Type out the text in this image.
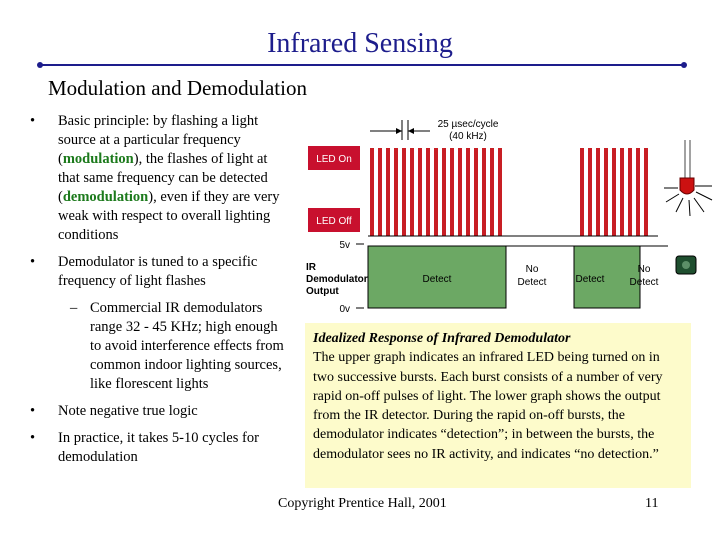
Infrared Sensing
Modulation and Demodulation
• Basic principle: by flashing a light source at a particular frequency (modulation), the flashes of light at that same frequency can be detected (demodulation), even if they are very weak with respect to overall lighting conditions
• Demodulator is tuned to a specific frequency of light flashes
– Commercial IR demodulators range 32 - 45 KHz; high enough to avoid interference effects from common indoor lighting sources, like florescent lights
• Note negative true logic
• In practice, it takes 5-10 cycles for demodulation
25 µsec/cycle
(40 kHz)
LED On
LED Off
5v
0v
IR
Demodulator
Output
Detect
No
Detect	Detect
No
Detect
Idealized Response of Infrared Demodulator
The upper graph indicates an infrared LED being turned on in two successive bursts. Each burst consists of a number of very rapid on-off pulses of light. The lower graph shows the output from the IR detector. During the rapid on-off bursts, the demodulator indicates “detection”; in between the bursts, the demodulator sees no IR activity, and indicates “no detection.”
Copyright Prentice Hall, 2001	11
